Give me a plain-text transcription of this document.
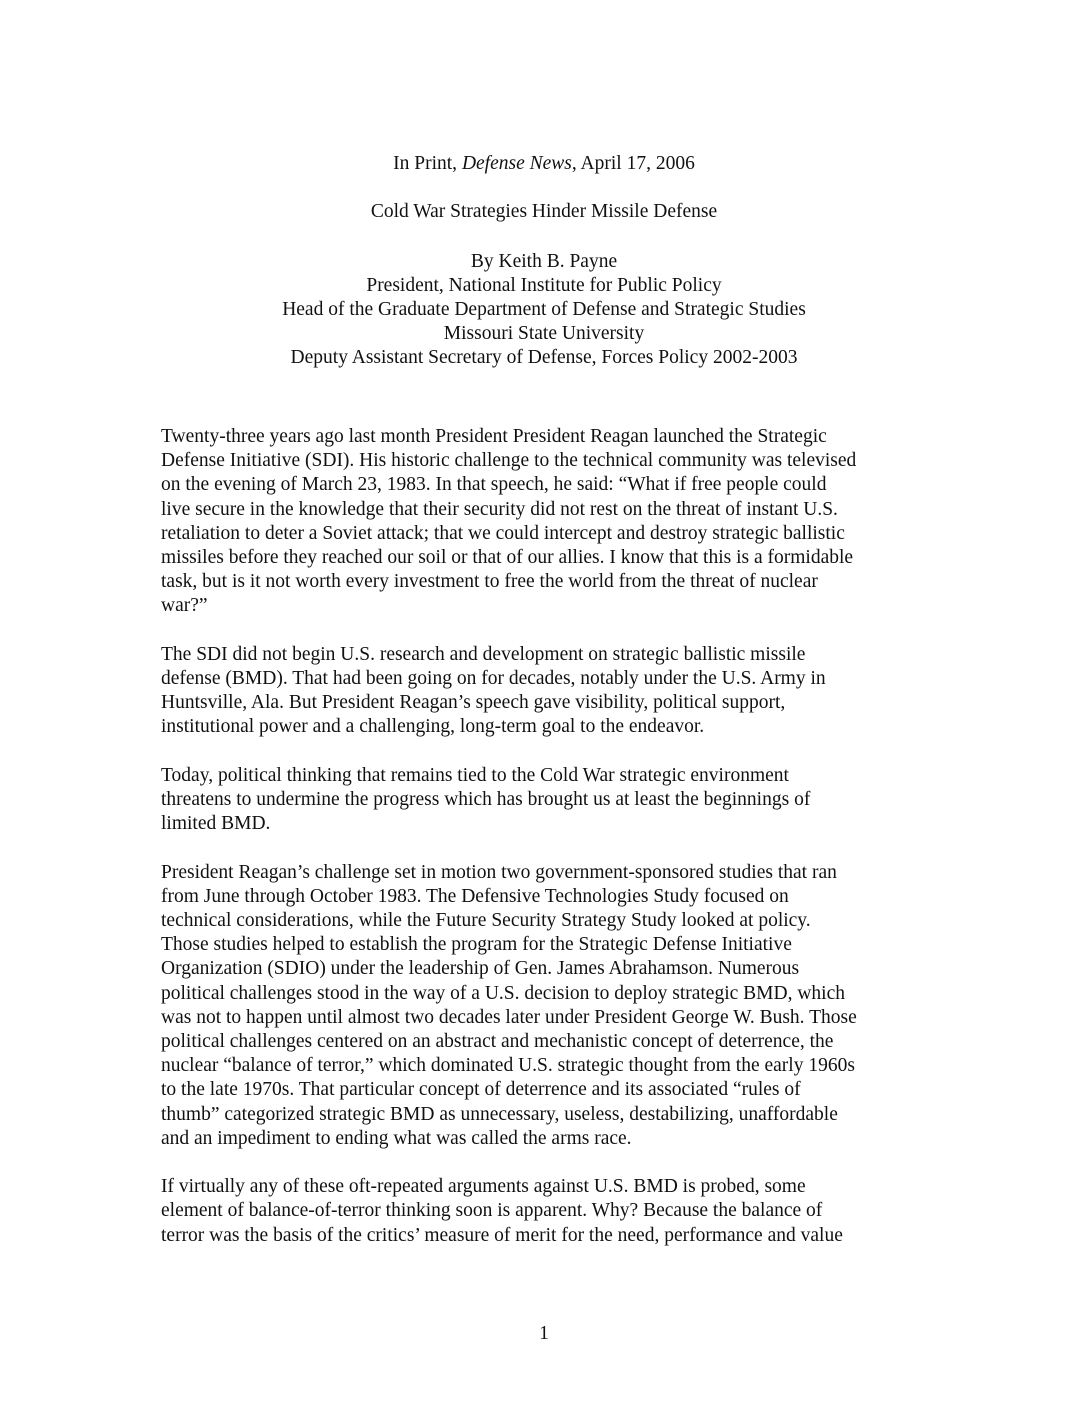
In Print, Defense News, April 17, 2006
Cold War Strategies Hinder Missile Defense
By Keith B. Payne
President, National Institute for Public Policy
Head of the Graduate Department of Defense and Strategic Studies
Missouri State University
Deputy Assistant Secretary of Defense, Forces Policy 2002-2003

Twenty-three years ago last month President President Reagan launched the Strategic
Defense Initiative (SDI). His historic challenge to the technical community was televised
on the evening of March 23, 1983. In that speech, he said: “What if free people could
live secure in the knowledge that their security did not rest on the threat of instant U.S.
retaliation to deter a Soviet attack; that we could intercept and destroy strategic ballistic
missiles before they reached our soil or that of our allies. I know that this is a formidable
task, but is it not worth every investment to free the world from the threat of nuclear
war?”

The SDI did not begin U.S. research and development on strategic ballistic missile
defense (BMD). That had been going on for decades, notably under the U.S. Army in
Huntsville, Ala. But President Reagan’s speech gave visibility, political support,
institutional power and a challenging, long-term goal to the endeavor.

Today, political thinking that remains tied to the Cold War strategic environment
threatens to undermine the progress which has brought us at least the beginnings of
limited BMD.

President Reagan’s challenge set in motion two government-sponsored studies that ran
from June through October 1983. The Defensive Technologies Study focused on
technical considerations, while the Future Security Strategy Study looked at policy.
Those studies helped to establish the program for the Strategic Defense Initiative
Organization (SDIO) under the leadership of Gen. James Abrahamson. Numerous
political challenges stood in the way of a U.S. decision to deploy strategic BMD, which
was not to happen until almost two decades later under President George W. Bush. Those
political challenges centered on an abstract and mechanistic concept of deterrence, the
nuclear “balance of terror,” which dominated U.S. strategic thought from the early 1960s
to the late 1970s. That particular concept of deterrence and its associated “rules of
thumb” categorized strategic BMD as unnecessary, useless, destabilizing, unaffordable
and an impediment to ending what was called the arms race.

If virtually any of these oft-repeated arguments against U.S. BMD is probed, some
element of balance-of-terror thinking soon is apparent. Why? Because the balance of
terror was the basis of the critics’ measure of merit for the need, performance and value

1
